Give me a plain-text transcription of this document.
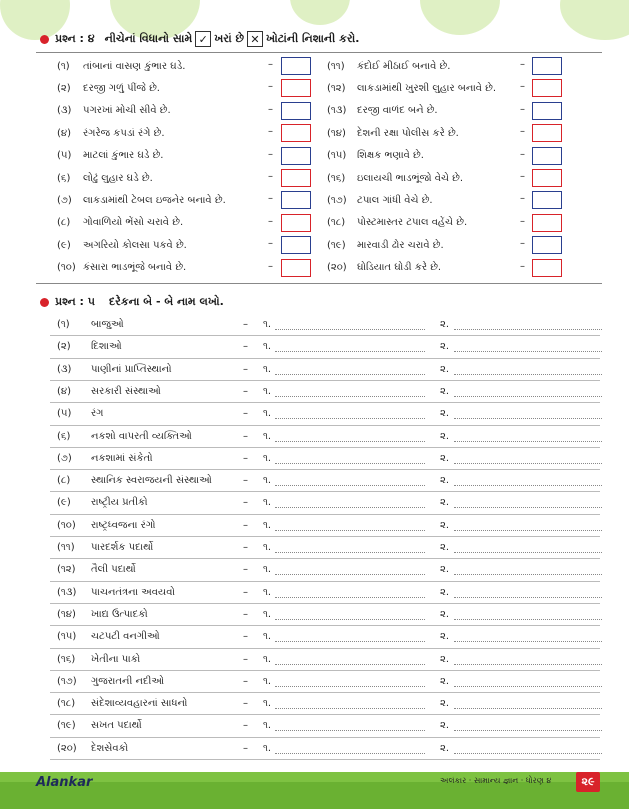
પ્રશ્ન : ૪ નીચેનાં વિધાનો સામે ✓ ખરાં છે ✕ ખોટાંની નિશાની કરો.
(૧)	તાંબાનાં વાસણ કુંભાર ઘડે.	–
(૨)	દરજી ગળું પીંજે છે.	–
(૩)	પગરખાં મોચી સીવે છે.	–
(૪)	રંગરેજ કપડાં રંગે છે.	–
(૫)	માટલાં કુંભાર ઘડે છે.	–
(૬)	લોઢું લુહાર ઘડે છે.	–
(૭)	લાકડામાંથી ટેબલ ઇજનેર બનાવે છે.	–
(૮)	ગોવાળિયો ભેંસો ચરાવે છે.	–
(૯)	અગરિયો કોલસા પકવે છે.	–
(૧૦) કંસારા ભાડભૂંજે બનાવે છે.	–
(૧૧)	કંદોઈ મીઠાઈ બનાવે છે.	–
(૧૨)	લાકડામાંથી ખુરશી લુહાર બનાવે છે. –
(૧૩)	દરજી વાળંદ બને છે.	–
(૧૪)	દેશની રક્ષા પોલીસ કરે છે.	–
(૧૫)	શિક્ષક ભણાવે છે.	–
(૧૬)	ઇલાયચી ભાડભૂંજો વેચે છે.	–
(૧૭)	ટપાલ ગાંધી વેચે છે.	–
(૧૮)	પોસ્ટમાસ્તર ટપાલ વહેંચે છે.	–
(૧૯)	મારવાડી ઢોર ચરાવે છે.	–
(૨૦)	ઘોડિયાત ઘોડી કરે છે.	–
પ્રશ્ન : ૫ દરેકના બે - બે નામ લખો.
(૧) બાજુઓ	– ૧.	૨.
(૨) દિશાઓ	– ૧.	૨.
(૩) પાણીનાં પ્રાપ્તિસ્થાનો	– ૧.	૨.
(૪) સરકારી સંસ્થાઓ	– ૧.	૨.
(૫) રંગ	– ૧.	૨.
(૬) નકશો વાપરતી વ્યક્તિઓ	– ૧.	૨.
(૭) નકશામાં સંકેતો	– ૧.	૨.
(૮) સ્થાનિક સ્વરાજયની સંસ્થાઓ	– ૧.	૨.
(૯) રાષ્ટ્રીય પ્રતીકો	– ૧.	૨.
(૧૦) રાષ્ટ્રધ્વજના રંગો	– ૧.	૨.
(૧૧) પારદર્શક પદાર્થો	– ૧.	૨.
(૧૨) તૈલી પદાર્થો	– ૧.	૨.
(૧૩) પાચનતંત્રના અવયવો	– ૧.	૨.
(૧૪) ખાદ્ય ઉત્પાદકો	– ૧.	૨.
(૧૫) ચટપટી વનગીઓ	– ૧.	૨.
(૧૬) ખેતીના પાકો	– ૧.	૨.
(૧૭) ગુજરાતની નદીઓ	– ૧.	૨.
(૧૮) સંદેશાવ્યવહારનાં સાધનો	– ૧.	૨.
(૧૯) સખત પદાર્થો	– ૧.	૨.
(૨૦) દેશસેવકો	– ૧.	૨.
Alankar	અલંકાર · સામાન્ય જ્ઞાન · ધોરણ ૪	૨૯
